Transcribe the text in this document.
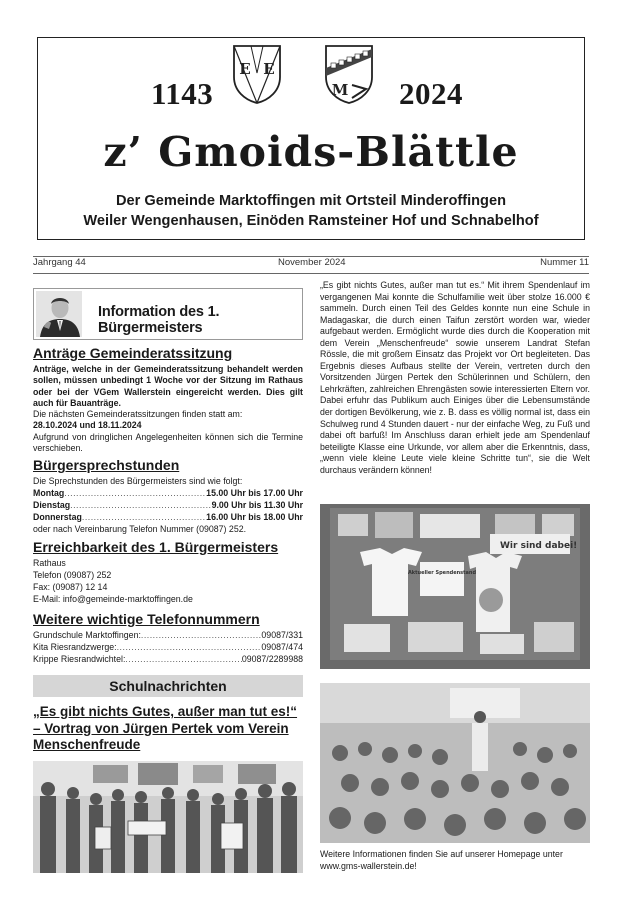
1143	2024
E E
M
z’ Gmoids-Blättle
Der Gemeinde Marktoffingen mit Ortsteil Minderoffingen
Weiler Wengenhausen, Einöden Ramsteiner Hof und Schnabelhof
Jahrgang 44	November 2024	Nummer 11
Information des 1. Bürgermeisters
Anträge Gemeinderatssitzung
Anträge, welche in der Gemeinderatssitzung behandelt werden sollen, müssen unbedingt 1 Woche vor der Sitzung im Rathaus oder bei der VGem Wallerstein eingereicht werden. Dies gilt auch für Bauanträge.
Die nächsten Gemeinderatssitzungen finden statt am:
28.10.2024 und 18.11.2024
Aufgrund von dringlichen Angelegenheiten können sich die Termine verschieben.
Bürgersprechstunden
Die Sprechstunden des Bürgermeisters sind wie folgt:
Montag .....	15.00 Uhr bis 17.00 Uhr
Dienstag .....	9.00 Uhr bis 11.30 Uhr
Donnerstag .....	16.00 Uhr bis 18.00 Uhr
oder nach Vereinbarung Telefon Nummer (09087) 252.
Erreichbarkeit des 1. Bürgermeisters
Rathaus
Telefon (09087) 252
Fax: (09087) 12 14
E-Mail: info@gemeinde-marktoffingen.de
Weitere wichtige Telefonnummern
Grundschule Marktoffingen: .....	09087/331
Kita Riesrandzwerge: .....	09087/474
Krippe Riesrandwichtel: .....	09087/2289988
Schulnachrichten
„Es gibt nichts Gutes, außer man tut es!“ – Vortrag von Jürgen Pertek vom Verein Menschenfreude
„Es gibt nichts Gutes, außer man tut es.“ Mit ihrem Spendenlauf im vergangenen Mai konnte die Schulfamilie weit über stolze 16.000 € sammeln. Durch einen Teil des Geldes konnte nun eine Schule in Madagaskar, die durch einen Taifun zerstört worden war, wieder aufgebaut werden. Ermöglicht wurde dies durch die Kooperation mit dem Verein „Menschenfreude“ sowie unserem Landrat Stefan Rössle, die mit großem Einsatz das Projekt vor Ort begleiteten. Das Ergebnis dieses Aufbaus stellte der Verein, vertreten durch den Vorsitzenden Jürgen Pertek den Schülerinnen und Schülern, den Lehrkräften, zahlreichen Ehrengästen sowie interessierten Eltern vor. Dabei erfuhr das Publikum auch Einiges über die Lebensumstände der dortigen Bevölkerung, wie z. B. dass es völlig normal ist, dass ein Schulweg rund 4 Stunden dauert - nur der einfache Weg, zu Fuß und dabei oft barfuß! Im Anschluss daran erhielt jede am Spendenlauf beteiligte Klasse eine Urkunde, vor allem aber die Erkenntnis, dass, „wenn viele kleine Leute viele kleine Schritte tun“, sie die Welt durchaus verändern können!
Wir sind dabei!
Aktueller Spendenstand
Weitere Informationen finden Sie auf unserer Homepage unter www.gms-wallerstein.de!
